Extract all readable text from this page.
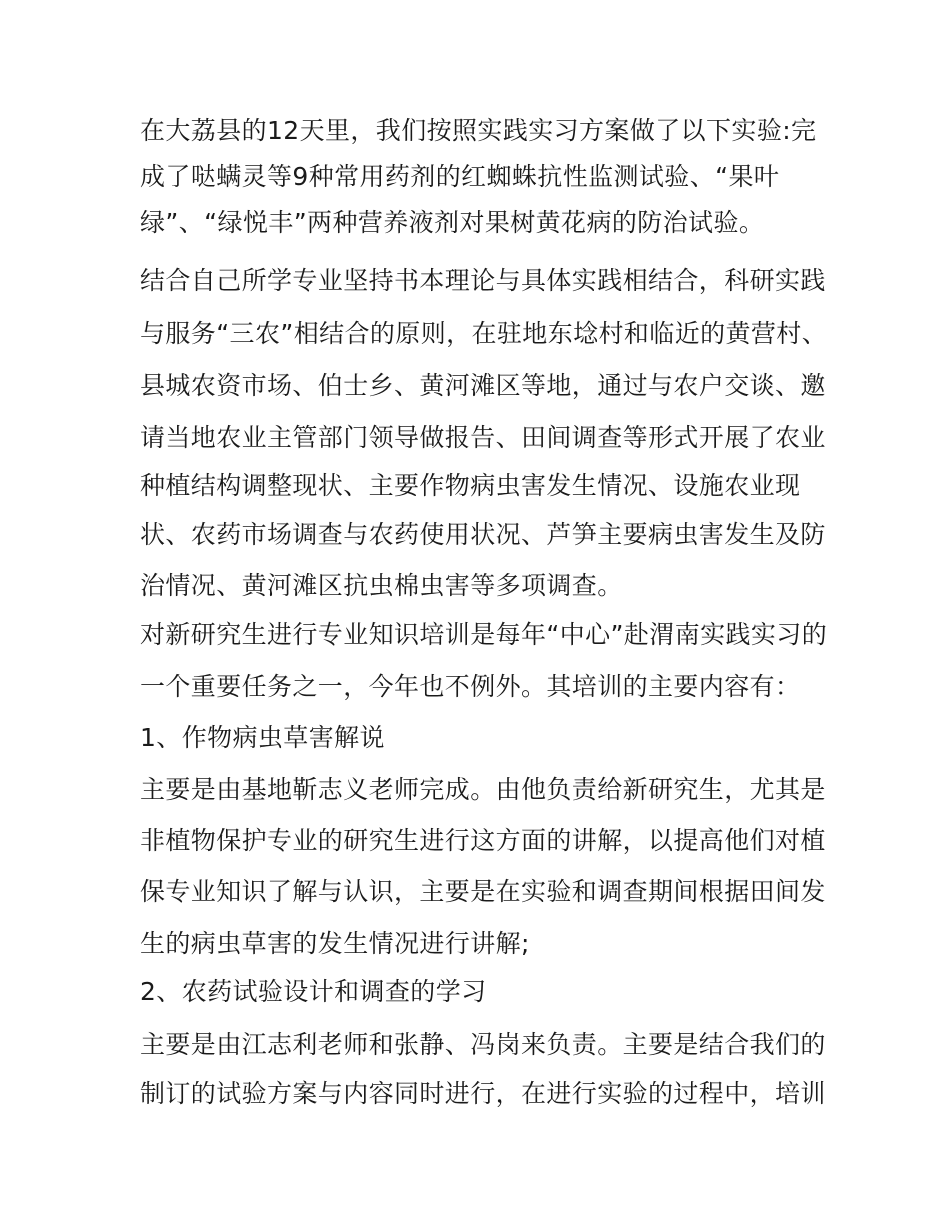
在大荔县的12天里，我们按照实践实习方案做了以下实验:完
成了哒螨灵等9种常用药剂的红蜘蛛抗性监测试验、“果叶
绿”、“绿悦丰”两种营养液剂对果树黄花病的防治试验。
结合自己所学专业坚持书本理论与具体实践相结合，科研实践
与服务“三农”相结合的原则，在驻地东埝村和临近的黄营村、
县城农资市场、伯士乡、黄河滩区等地，通过与农户交谈、邀
请当地农业主管部门领导做报告、田间调查等形式开展了农业
种植结构调整现状、主要作物病虫害发生情况、设施农业现
状、农药市场调查与农药使用状况、芦笋主要病虫害发生及防
治情况、黄河滩区抗虫棉虫害等多项调查。
对新研究生进行专业知识培训是每年“中心”赴渭南实践实习的
一个重要任务之一，今年也不例外。其培训的主要内容有：
1、作物病虫草害解说
主要是由基地靳志义老师完成。由他负责给新研究生，尤其是
非植物保护专业的研究生进行这方面的讲解，以提高他们对植
保专业知识了解与认识，主要是在实验和调查期间根据田间发
生的病虫草害的发生情况进行讲解;
2、农药试验设计和调查的学习
主要是由江志利老师和张静、冯岗来负责。主要是结合我们的
制订的试验方案与内容同时进行，在进行实验的过程中，培训
